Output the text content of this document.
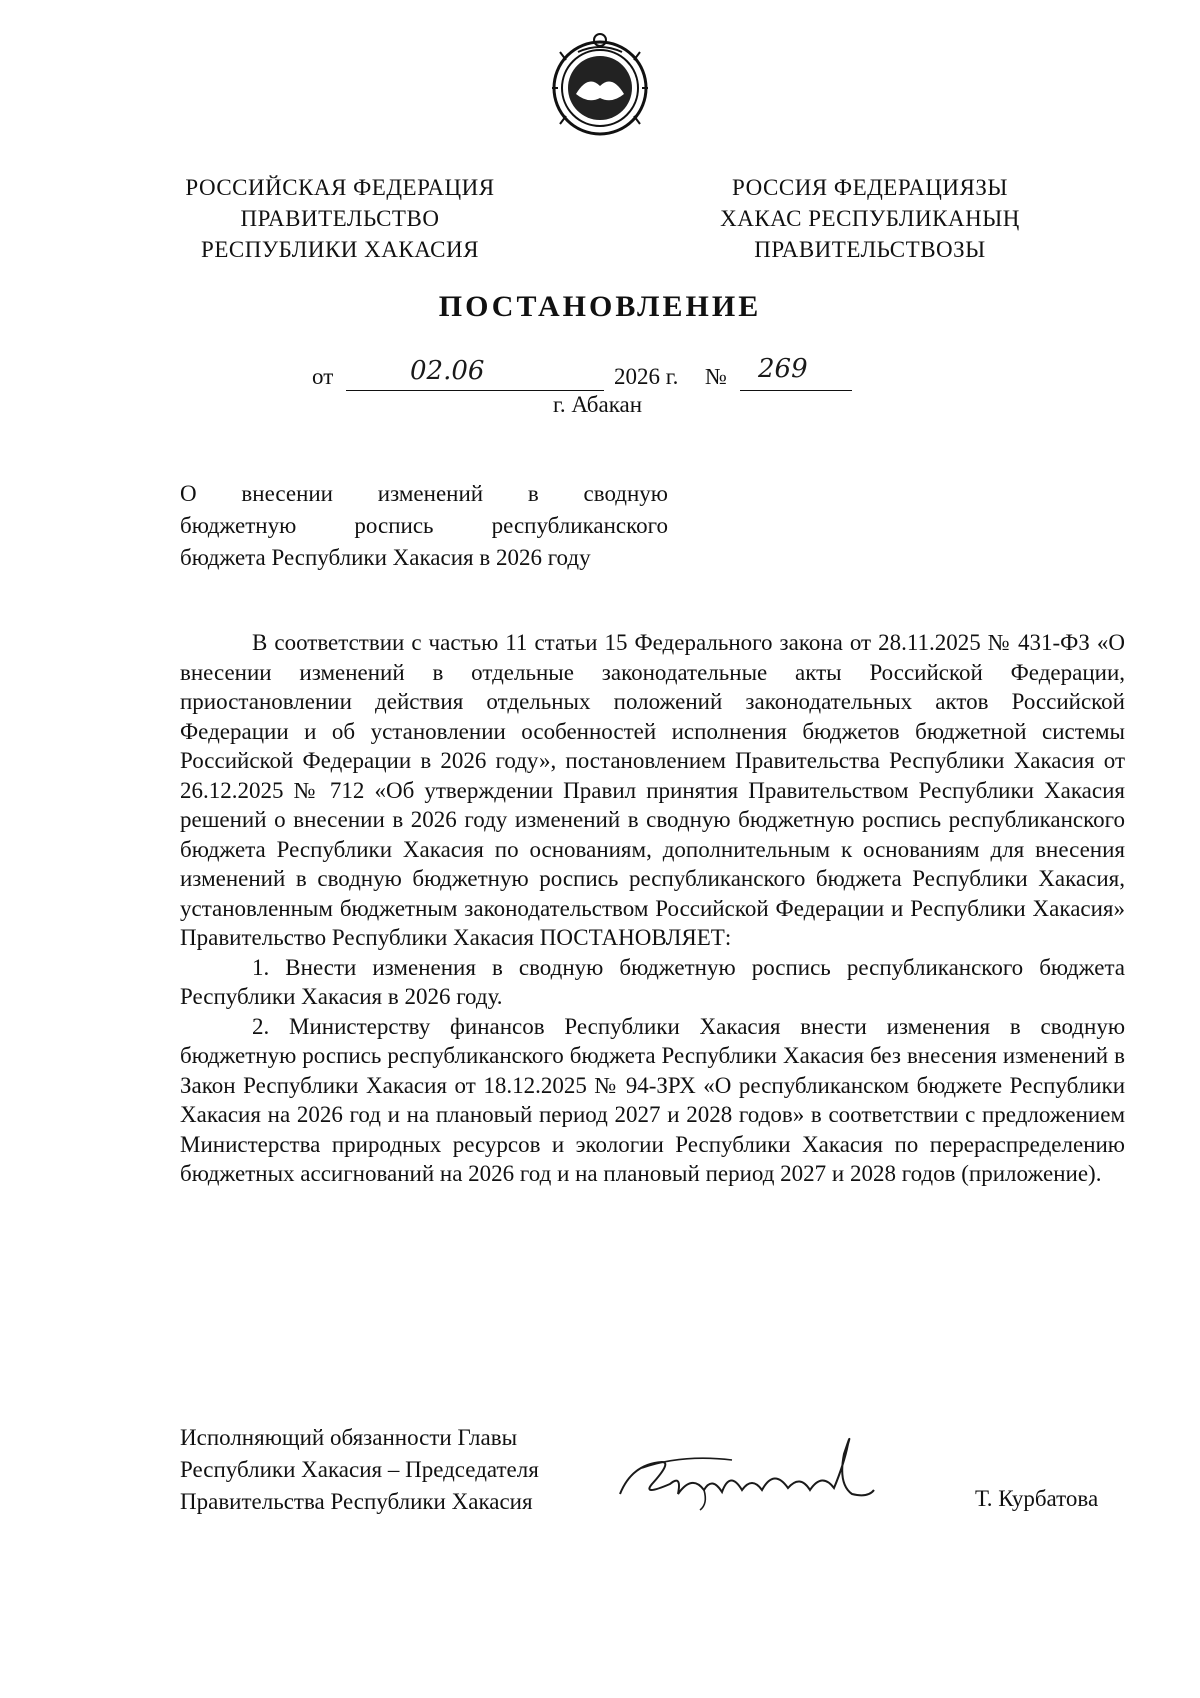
РОССИЙСКАЯ ФЕДЕРАЦИЯ
ПРАВИТЕЛЬСТВО
РЕСПУБЛИКИ ХАКАСИЯ
РОССИЯ ФЕДЕРАЦИЯЗЫ
ХАКАС РЕСПУБЛИКАНЫҢ
ПРАВИТЕЛЬСТВОЗЫ
ПОСТАНОВЛЕНИЕ
от	02.06	2026 г. № 269
г. Абакан

О внесении изменений в сводную

бюджетную роспись республиканского

бюджета Республики Хакасия в 2026 году

В соответствии с частью 11 статьи 15 Федерального закона от 28.11.2025 № 431-ФЗ «О внесении изменений в отдельные законодательные акты Российской Федерации, приостановлении действия отдельных положений законодательных актов Российской Федерации и об установлении особенностей исполнения бюджетов бюджетной системы Российской Федерации в 2026 году», постановлением Правительства Республики Хакасия от 26.12.2025 № 712 «Об утверждении Правил принятия Правительством Республики Хакасия решений о внесении в 2026 году изменений в сводную бюджетную роспись республиканского бюджета Республики Хакасия по основаниям, дополнительным к основаниям для внесения изменений в сводную бюджетную роспись республиканского бюджета Республики Хакасия, установленным бюджетным законодательством Российской Федерации и Республики Хакасия» Правительство Республики Хакасия ПОСТАНОВЛЯЕТ:

1. Внести изменения в сводную бюджетную роспись республиканского бюджета Республики Хакасия в 2026 году.

2. Министерству финансов Республики Хакасия внести изменения в сводную бюджетную роспись республиканского бюджета Республики Хакасия без внесения изменений в Закон Республики Хакасия от 18.12.2025 № 94-ЗРХ «О республиканском бюджете Республики Хакасия на 2026 год и на плановый период 2027 и 2028 годов» в соответствии с предложением Министерства природных ресурсов и экологии Республики Хакасия по перераспределению бюджетных ассигнований на 2026 год и на плановый период 2027 и 2028 годов (приложение).

Исполняющий обязанности Главы
Республики Хакасия – Председателя
Правительства Республики Хакасия	Т. Курбатова
